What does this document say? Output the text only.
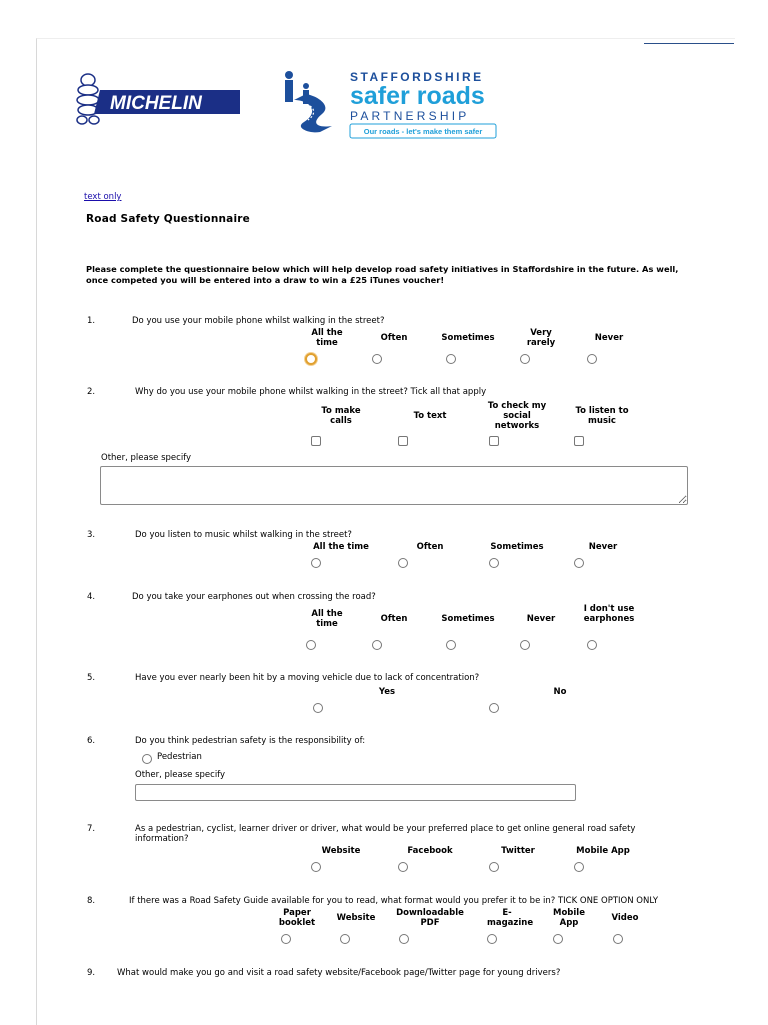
MICHELIN
STAFFORDSHIRE
safer roads
PARTNERSHIP
Our roads - let's make them safer
text only
Road Safety Questionnaire
Please complete the questionnaire below which will help develop road safety initiatives in Staffordshire in the future. As well, once competed you will be entered into a draw to win a £25 iTunes voucher!
1.	Do you use your mobile phone whilst walking in the street?
All the time	Often	Sometimes	Very rarely	Never
2.	Why do you use your mobile phone whilst walking in the street? Tick all that apply
To make calls	To text
To check my social networks
To listen to music
Other, please specify
3.	Do you listen to music whilst walking in the street?
All the time	Often	Sometimes	Never
4.	Do you take your earphones out when crossing the road?
All the time	Often	Sometimes	Never
I don't use earphones
5.	Have you ever nearly been hit by a moving vehicle due to lack of concentration?
Yes	No
6.	Do you think pedestrian safety is the responsibility of:
Pedestrian
Other, please specify
7.	As a pedestrian, cyclist, learner driver or driver, what would be your preferred place to get online general road safety information?
Website	Facebook	Twitter	Mobile App
8.	If there was a Road Safety Guide available for you to read, what format would you prefer it to be in? TICK ONE OPTION ONLY
Paper booklet	Website	Downloadable PDF
E-magazine
Mobile App	Video
9.	What would make you go and visit a road safety website/Facebook page/Twitter page for young drivers?
